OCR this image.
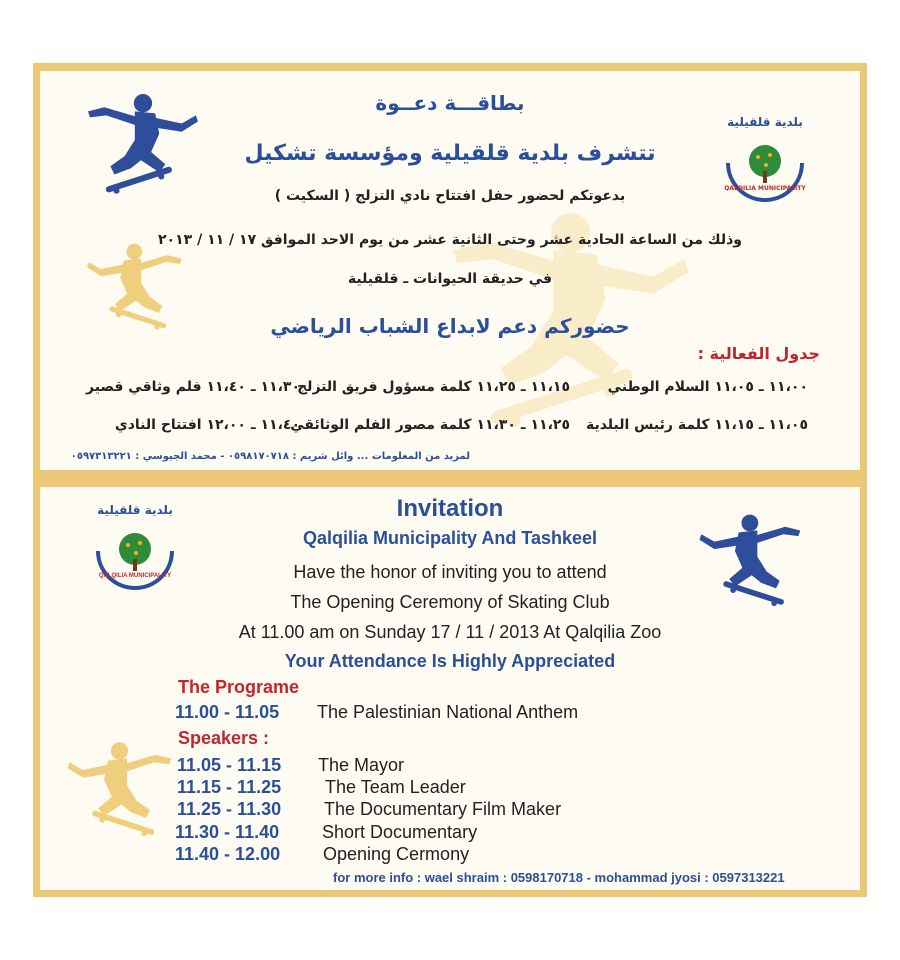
بلدية قلقيلية
QALQILIA MUNICIPALITY
بطاقـــة دعــوة
تتشرف بلدية قلقيلية ومؤسسة تشكيل
بدعوتكم لحضور حفل افتتاح نادي التزلج ( السكيت )
وذلك من الساعة الحادية عشر وحتى الثانية عشر من يوم الاحد الموافق ١٧ / ١١ / ٢٠١٣
في حديقة الحيوانات ـ قلقيلية
حضوركم دعم لابداع الشباب الرياضي
جدول الفعالية :
١١،٠٠ ـ ١١،٠٥ السلام الوطني
١١،١٥ ـ ١١،٢٥ كلمة مسؤول فريق التزلج
١١،٣٠ ـ ١١،٤٠ فلم وثاقي قصير
١١،٠٥ ـ ١١،١٥ كلمة رئيس البلدية
١١،٢٥ ـ ١١،٣٠ كلمة مصور الفلم الوثائقي
١١،٤٠ ـ ١٢،٠٠ افتتاح النادي
لمزيد من المعلومات ... وائل شريم : ٠٥٩٨١٧٠٧١٨ - محمد الجيوسي : ٠٥٩٧٣١٣٢٢١
بلدية قلقيلية
QALQILIA MUNICIPALITY
Invitation
Qalqilia Municipality And Tashkeel
Have the honor of inviting you to attend
The Opening Ceremony of Skating Club
At 11.00 am on Sunday 17 / 11 / 2013 At Qalqilia Zoo
Your Attendance Is Highly Appreciated
The Programe
11.00 - 11.05 The Palestinian National Anthem
Speakers :
11.05 - 11.15 The Mayor
11.15 - 11.25 The Team Leader
11.25 - 11.30 The Documentary Film Maker
11.30 - 11.40 Short Documentary
11.40 - 12.00 Opening Cermony
for more info : wael shraim : 0598170718 - mohammad jyosi : 0597313221
